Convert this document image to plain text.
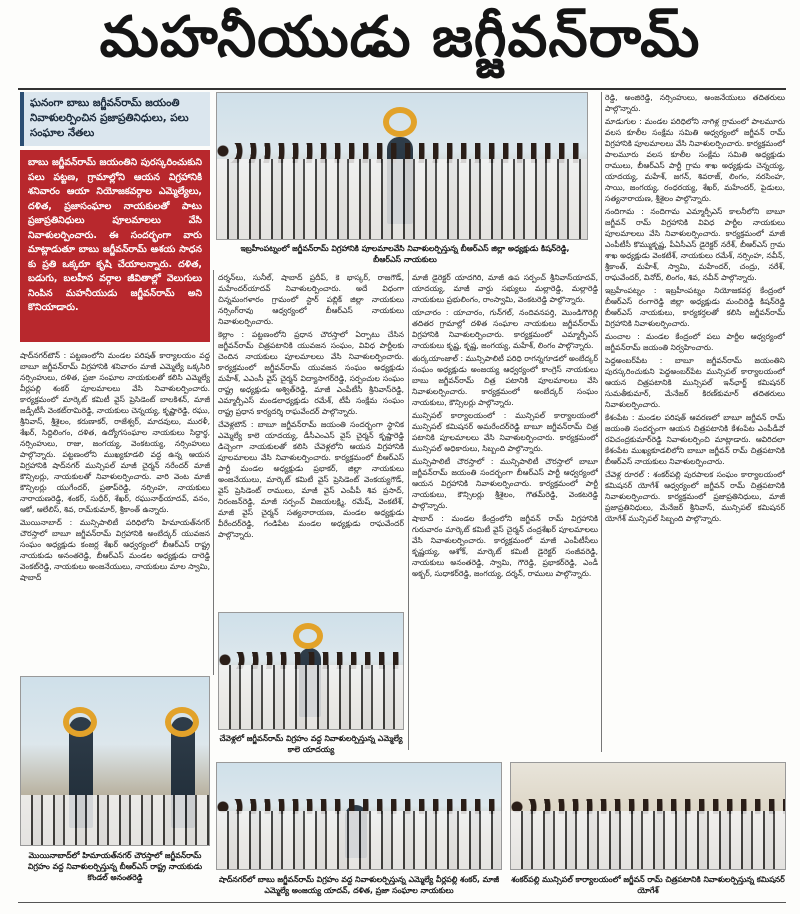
మహనీయుడు జగ్జీవన్‌రామ్
ఘనంగా బాబు జగ్జీవన్‌రామ్ జయంతి నివాళులర్పించిన ప్రజాప్రతినిధులు, పలు సంఘాల నేతలు
బాబు జగ్జీవన్‌రామ్ జయంతిని పురస్కరించుకుని పలు పట్టణ, గ్రామాల్లోని ఆయన విగ్రహానికి శనివారం ఆయా నియోజకవర్గాల ఎమ్మెల్యేలు, దళిత, ప్రజాసంఘాల నాయకులతో పాటు ప్రజాప్రతినిధులు పూలమాలలు వేసి నివాళులర్పించారు. ఈ సందర్భంగా వారు మాట్లాడుతూ బాబు జగ్జీవన్‌రామ్ ఆశయ సాధన కు ప్రతి ఒక్కరూ కృషి చేయాలన్నారు. దళిత, బడుగు, బలహీన వర్గాల జీవితాల్లో వెలుగులు నింపిన మహనీయుడు జగ్జీవన్‌రామ్ అని కొనియాడారు.
ఇబ్రహీంపట్నంలో జగ్జీవన్‌రామ్ విగ్రహానికి పూలమాలవేసి నివాళులర్పిస్తున్న బీఆర్‌ఎస్ జిల్లా అధ్యక్షుడు కిషన్‌రెడ్డి, బీఆర్‌ఎస్ నాయకులు

షాద్‌నగర్‌టౌన్ : పట్టణంలోని మండల పరిషత్ కార్యాలయం వద్ద బాబూ జగ్జీవన్‌రామ్ విగ్రహానికి శనివారం మాజీ ఎమ్మెల్యే ఒక్కసిరి నర్సింహులు, దళిత, ప్రజా సంఘాల నాయకులతో కలిసి ఎమ్మెల్యే వీర్లపల్లి శంకర్ పూలమాలలు వేసి నివాళులర్పించారు. కార్యక్రమంలో మార్కెట్ కమిటీ వైస్ ప్రెసిడెంట్ బాలకిశన్, మాజీ జడ్పీటీసీ వెంకట్‌రామిరెడ్డి, నాయకులు చెన్నయ్య, కృష్ణారెడ్డి, రఘు, శ్రీనివాస్, శ్రీశైలం, కరుణాకర్, రాజేశ్వర్, మాదవులు, మురళీ, శేఖర్, సిద్దిలింగం, దళిత, ఉద్యోగసంఘాల నాయకులు సిద్ధార్థ, నర్సింహులు, రాజు, జంగయ్య, వెంకటయ్య, నర్సింహులు పాల్గొన్నారు. పట్టణంలోని ముఖ్యకూడలి వద్ద ఉన్న ఆయన విగ్రహానికి షాద్‌నగర్ మున్సిపల్ మాజీ చైర్మన్ నరేందర్ మాజీ కౌన్సిలర్లు, నాయకులతో నివాళులర్పించారు. వారి వెంట మాజీ కౌన్సిలర్లు యుగేందర్, ప్రతాప్‌రెడ్డి, నర్సింహ, నాయకులు నారాయణరెడ్డి, శంకర్, సుధీర్, శేఖర్, రఘునాథ్‌యాదవ్, వనం, ఆకో, ఆలేలిస్, శివ, రామ్‌కుమార్, శ్రీకాంత్ ఉన్నారు.

మొయినాబాద్ : మున్సిపాలిటీ పరిధిలోని హిమాయత్‌నగర్ చౌరస్తాలో బాబూ జగ్జీవన్‌రామ్ విగ్రహానికి అంబేద్కర్ యువజన సంఘం అధ్యక్షుడు కంజర్ల శేఖర్ ఆధ్వర్యంలో బీఆర్‌ఎస్ రాష్ట్ర నాయకుడు అనంతరెడ్డి, బీఆర్‌ఎస్ మండల అధ్యక్షుడు దారెడ్డి వెంకట్‌రెడ్డి, నాయకులు అంజనేయులు, నాయకులు మాల స్వామి, షాబాద్

దర్శన్‌లు, సునీల్, షాబాద్ ప్రదీప్, కె భాస్కర్, రాజగౌడ్, మహేందర్‌యాదవ్ నివాళులర్పించారు. అదే విధంగా చిన్నమంగళారం గ్రామంలో స్టార్ పబ్లిక్ జిల్లా నాయకులు నర్సింగ్‌రావు ఆధ్వర్యంలో బీఆర్‌ఎస్ నాయకులు నివాళులర్పించారు.

కెల్లాం : పట్టణంలోని ప్రధాన చౌరస్తాలో ఏర్పాటు చేసిన జగ్జీవన్‌రామ్ చిత్రపటానికి యువజన సంఘం, వివిధ పార్టీలకు చెందిన నాయకులు పూలమాలలు వేసి నివాళులర్పించారు. కార్యక్రమంలో జగ్జీవన్‌రామ్ యువజన సంఘం అధ్యక్షుడు మహేశ్, ఎఎంసీ వైస్ చైర్మన్ విద్యాసాగర్‌రెడ్డి, సర్పంచుల సంఘం రాష్ట్ర అధ్యక్షుడు అశ్విత్‌రెడ్డి, మాజీ ఎంపీటీసీ శ్రీనివాస్‌రెడ్డి, ఎమ్మార్పీఎస్ మండలాధ్యక్షుడు రమేశ్, టీపీ సంక్షేమ సంఘం రాష్ట్ర ప్రధాన కార్యదర్శి రాఘవేందర్ పాల్గొన్నారు.

చేవెళ్లటౌన్ : బాబూ జగ్జీవన్‌రామ్ జయంతి సందర్భంగా స్థానిక ఎమ్మెల్యే కాలె యాదయ్య, డీసీఎంఎస్ వైస్ చైర్మన్ కృష్ణారెడ్డి డిచ్చెంగా నాయకులతో కలిసి చేవెళ్లలోని ఆయన విగ్రహానికి పూలమాలలు వేసి నివాళులర్పించారు. కార్యక్రమంలో బీఆర్‌ఎస్ పార్టీ మండల అధ్యక్షుడు ప్రభాకర్, జిల్లా నాయకులు అంజనేయులు, మార్కెట్ కమిటీ వైస్ ప్రెసిడెంట్ వెంకయ్యగౌడ్, వైస్ ప్రెసిడెంట్ రాములు, మాజీ వైస్ ఎంపీపీ శివ ప్రసాద్, నిరంజన్‌రెడ్డి, మాజీ సర్పంచ్ విజయలక్ష్మి, రమేష్, వెంకటేశ్, మాజీ వైస్ చైర్మన్ సత్యనారాయణ, మండల అధ్యక్షుడు వీరేందర్‌రెడ్డి, గండిపేట మండల అధ్యక్షుడు రాఘవేందర్ పాల్గొన్నారు.

మాజీ డైరెక్టర్ యాదగిరి, మాజీ ఉప సర్పంచ్ శ్రీనివాస్‌యాదవ్, యాదయ్య, మాజీ వార్డు సభ్యులు మల్లారెడ్డి, మల్లారెడ్డి నాయకులు ప్రభులింగం, రాంస్వామి, వెంకటరెడ్డి పాల్గొన్నారు.

యాచారం : యాచారం, గున్‌గల్, నందివనపర్తి, మొండిగౌరెల్లి తదితర గ్రామాల్లో దళిత సంఘాల నాయకులు జగ్జీవన్‌రామ్ విగ్రహానికి నివాళులర్పించారు. కార్యక్రమంలో ఎమ్మార్పీఎస్ నాయకులు కృష్ణ, కృష్ణ, జంగయ్య, మహేశ్, లింగం పాల్గొన్నారు.

తుర్కయాంజాల్ : మున్సిపాలిటీ పరిధి రాగన్నగూడలో అంబేద్కర్ సంఘం అధ్యక్షుడు అంజయ్య ఆధ్వర్యంలో కాంగ్రెస్ నాయకులు బాబు జగ్జీవన్‌రామ్ చిత్ర పటానికి పూలమాలలు వేసి నివాళులర్పించారు. కార్యక్రమంలో అంబేద్కర్ సంఘం నాయకులు, కౌన్సిలర్లు పాల్గొన్నారు.

మున్సిపల్ కార్యాలయంలో : మున్సిపల్ కార్యాలయంలో మున్సిపల్ కమిషనర్ అమరేందర్‌రెడ్డి బాబూ జగ్జీవన్‌రామ్ చిత్ర పటానికి పూలమాలలు వేసి నివాళులర్పించారు. కార్యక్రమంలో మున్సిపల్ అధికారులు, సిబ్బంది పాల్గొన్నారు.

మున్సిపాలిటీ చౌరస్తాలో : మున్సిపాలిటీ చౌరస్తాలో బాబూ జగ్జీవన్‌రామ్ జయంతి సందర్భంగా బీఆర్‌ఎస్ పార్టీ ఆధ్వర్యంలో ఆయన విగ్రహానికి నివాళులర్పించారు. కార్యక్రమంలో పార్టీ నాయకులు, కౌన్సిలర్లు శ్రీశైలం, గౌతమ్‌రెడ్డి, వెంకటరెడ్డి పాల్గొన్నారు.

షాబాద్ : మండల కేంద్రంలోని జగ్జీవన్ రామ్ విగ్రహానికి గురువారం మార్కెట్ కమిటీ వైస్ చైర్మన్ చంద్రశేఖర్ పూలమాలలు వేసి నివాళులర్పించారు. కార్యక్రమంలో మాజీ ఎంపీటీసీలు కృష్ణయ్య, ఆశోక్, మార్కెట్ కమిటీ డైరెక్టర్ సంజీవరెడ్డి, నాయకులు అనంతరెడ్డి, స్వామి, గౌరెడ్డి, ప్రభాకర్‌రెడ్డి, ఎండీ అక్బర్, సుధాకర్‌రెడ్డి, జంగయ్య, దర్శన్, రాములు పాల్గొన్నారు.

రెడ్డి, అంజిరెడ్డి, నర్సింహులు, అంజనేయులు తదితరులు పాల్గొన్నారు.

మాడుగుల : మండల పరిధిలోని నాగిళ్ల గ్రామంలో పాలమూరు వలస కూలీల సంక్షేమ సమితి ఆధ్వర్యంలో జగ్జీవన్ రామ్ విగ్రహానికి పూలమాలలు వేసి నివాళులర్పించారు. కార్యక్రమంలో పాలమూరు వలస కూలీల సంక్షేమ సమితి అధ్యక్షుడు రాములు, బీఆర్‌ఎస్ పార్టీ గ్రామ శాఖ అధ్యక్షుడు చెన్నయ్య, యాదయ్య, మహేశ్, జగన్, శివరాజ్, లింగం, నరసింహ, సాయి, జంగయ్య, రంధరయ్య, శేఖర్, మహేందర్, పైడులు, సత్యనారాయణ, శ్రీశైలం పాల్గొన్నారు.

నందిగామ : నందిగామ ఎమ్మార్పీఎస్ కాలనీలోని బాబూ జగ్జీవన్ రామ్ విగ్రహానికి వివిధ పార్టీల నాయకులు పూలమాలలు వేసి నివాళులర్పించారు. కార్యక్రమంలో మాజీ ఎంపీటీసీ కొమ్ముకృష్ణ, పీఏసీఎస్ డైరెక్టర్ నరేశ్, బీఆర్‌ఎస్ గ్రామ శాఖ అధ్యక్షుడు వెంకటేశ్, నాయకులు రమేశ్, నర్సింహ, నవీన్, శ్రీకాంత్, మహేశ్, స్వామి, మహేందర్, చంద్రు, నరేశ్, రాఘవేందర్, వినోద్, లింగం, శివ, నవీన్ పాల్గొన్నారు.

ఇబ్రహీంపట్నం : ఇబ్రహీంపట్నం నియోజకవర్గ కేంద్రంలో బీఆర్‌ఎస్ రంగారెడ్డి జిల్లా అధ్యక్షుడు మంచిరెడ్డి కిషన్‌రెడ్డి బీఆర్‌ఎస్ నాయకులు, కార్యకర్తలతో కలిసి జగ్జీవన్‌రామ్ విగ్రహానికి నివాళులర్పించారు.

మంచాల : మండల కేంద్రంలో పలు పార్టీల ఆధ్వర్యంలో జగ్జీవన్‌రామ్ జయంతి నిర్వహించారు.

పెద్దఅంబర్‌పేట : బాబూ జగ్జీవన్‌రామ్ జయంతిని పురస్కరించుకుని పెద్దఅంబర్‌పేట మున్సిపల్ కార్యాలయంలో ఆయన చిత్రపటానికి మున్సిపల్ ఇన్‌ఛార్జ్ కమిషనర్ సుమతీకుమార్, మేనేజర్ కిరణ్‌కుమార్ తదితరులు నివాళులర్పించారు.

కేశంపేట : మండల పరిషత్ ఆవరణలో బాబూ జగ్జీవన్ రామ్ జయంతి సందర్భంగా ఆయన చిత్రపటానికి కేశంపేట ఎంపీడీవో రవిచంద్రకుమార్‌రెడ్డి నివాళులర్పించి మాట్లాడారు. ఆవిరిదలా కేశంపేట ముఖ్యకూడలిలోని బాబూ జగ్జీవన్ రామ్ చిత్రపటానికి బీఆర్‌ఎస్ నాయకులు నివాళులర్పించారు.

చేవెళ్ల రూరల్ : శంకర్‌పల్లి పురపాలక సంఘం కార్యాలయంలో కమిషనర్ యోగేశ్ ఆధ్వర్యంలో జగ్జీవన్ రామ్ చిత్రపటానికి నివాళులర్పించారు. కార్యక్రమంలో ప్రజాప్రతినిధులు, మాజీ ప్రజాప్రతినిధులు, మేనేజర్ శ్రీనివాస్, మున్సిపల్ కమిషనర్ యోగేశ్ మున్సిపల్ సిబ్బంది పాల్గొన్నారు.

చేవెళ్లలో జగ్జీవన్‌రామ్ విగ్రహం వద్ద నివాళులర్పిస్తున్న ఎమ్మెల్యే కాలె యాదయ్య
మొయినాబాద్‌లో హిమాయత్‌నగర్ చౌరస్తాలో జగ్జీవన్‌రామ్ విగ్రహం వద్ద నివాళులర్పిస్తున్న బీఆర్‌ఎస్ రాష్ట్ర నాయకుడు కొండల్ అనంతరెడ్డి	షాద్‌నగర్‌లో బాబు జగ్జీవన్‌రామ్ విగ్రహం వద్ద నివాళులర్పిస్తున్న ఎమ్మెల్యే వీర్లపల్లి శంకర్, మాజీ ఎమ్మెల్యే అంజయ్య యాదవ్, దళిత, ప్రజా సంఘాల నాయకులు
శంకర్‌పల్లి మున్సిపల్ కార్యాలయంలో జగ్జీవన్ రామ్ చిత్రపటానికి నివాళులర్పిస్తున్న కమిషనర్ యోగేశ్
